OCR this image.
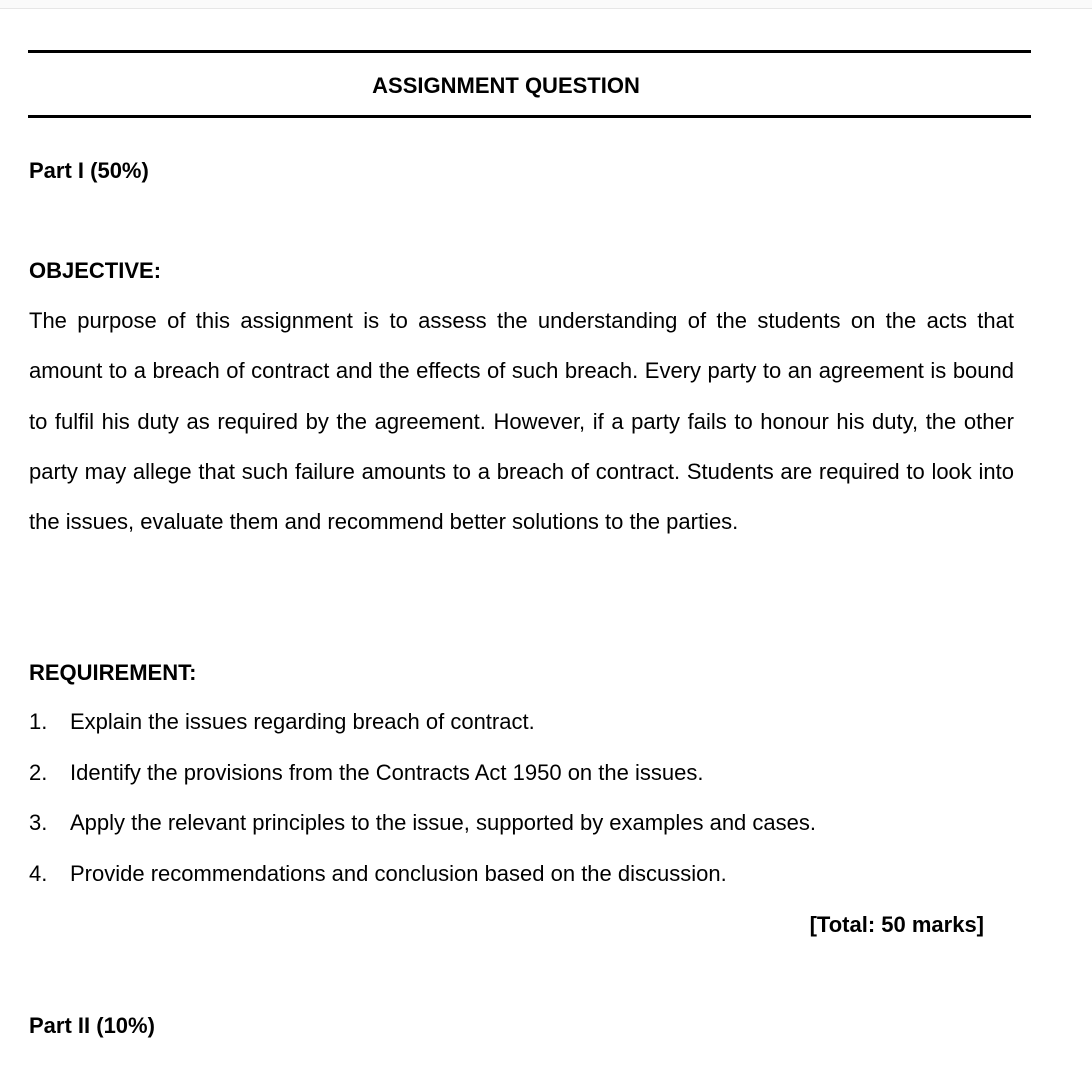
ASSIGNMENT QUESTION
Part I (50%)
OBJECTIVE:
The purpose of this assignment is to assess the understanding of the students on the acts that amount to a breach of contract and the effects of such breach. Every party to an agreement is bound to fulfil his duty as required by the agreement. However, if a party fails to honour his duty, the other party may allege that such failure amounts to a breach of contract. Students are required to look into the issues, evaluate them and recommend better solutions to the parties.
REQUIREMENT:
1. Explain the issues regarding breach of contract.
2. Identify the provisions from the Contracts Act 1950 on the issues.
3. Apply the relevant principles to the issue, supported by examples and cases.
4. Provide recommendations and conclusion based on the discussion.
[Total: 50 marks]
Part II (10%)
